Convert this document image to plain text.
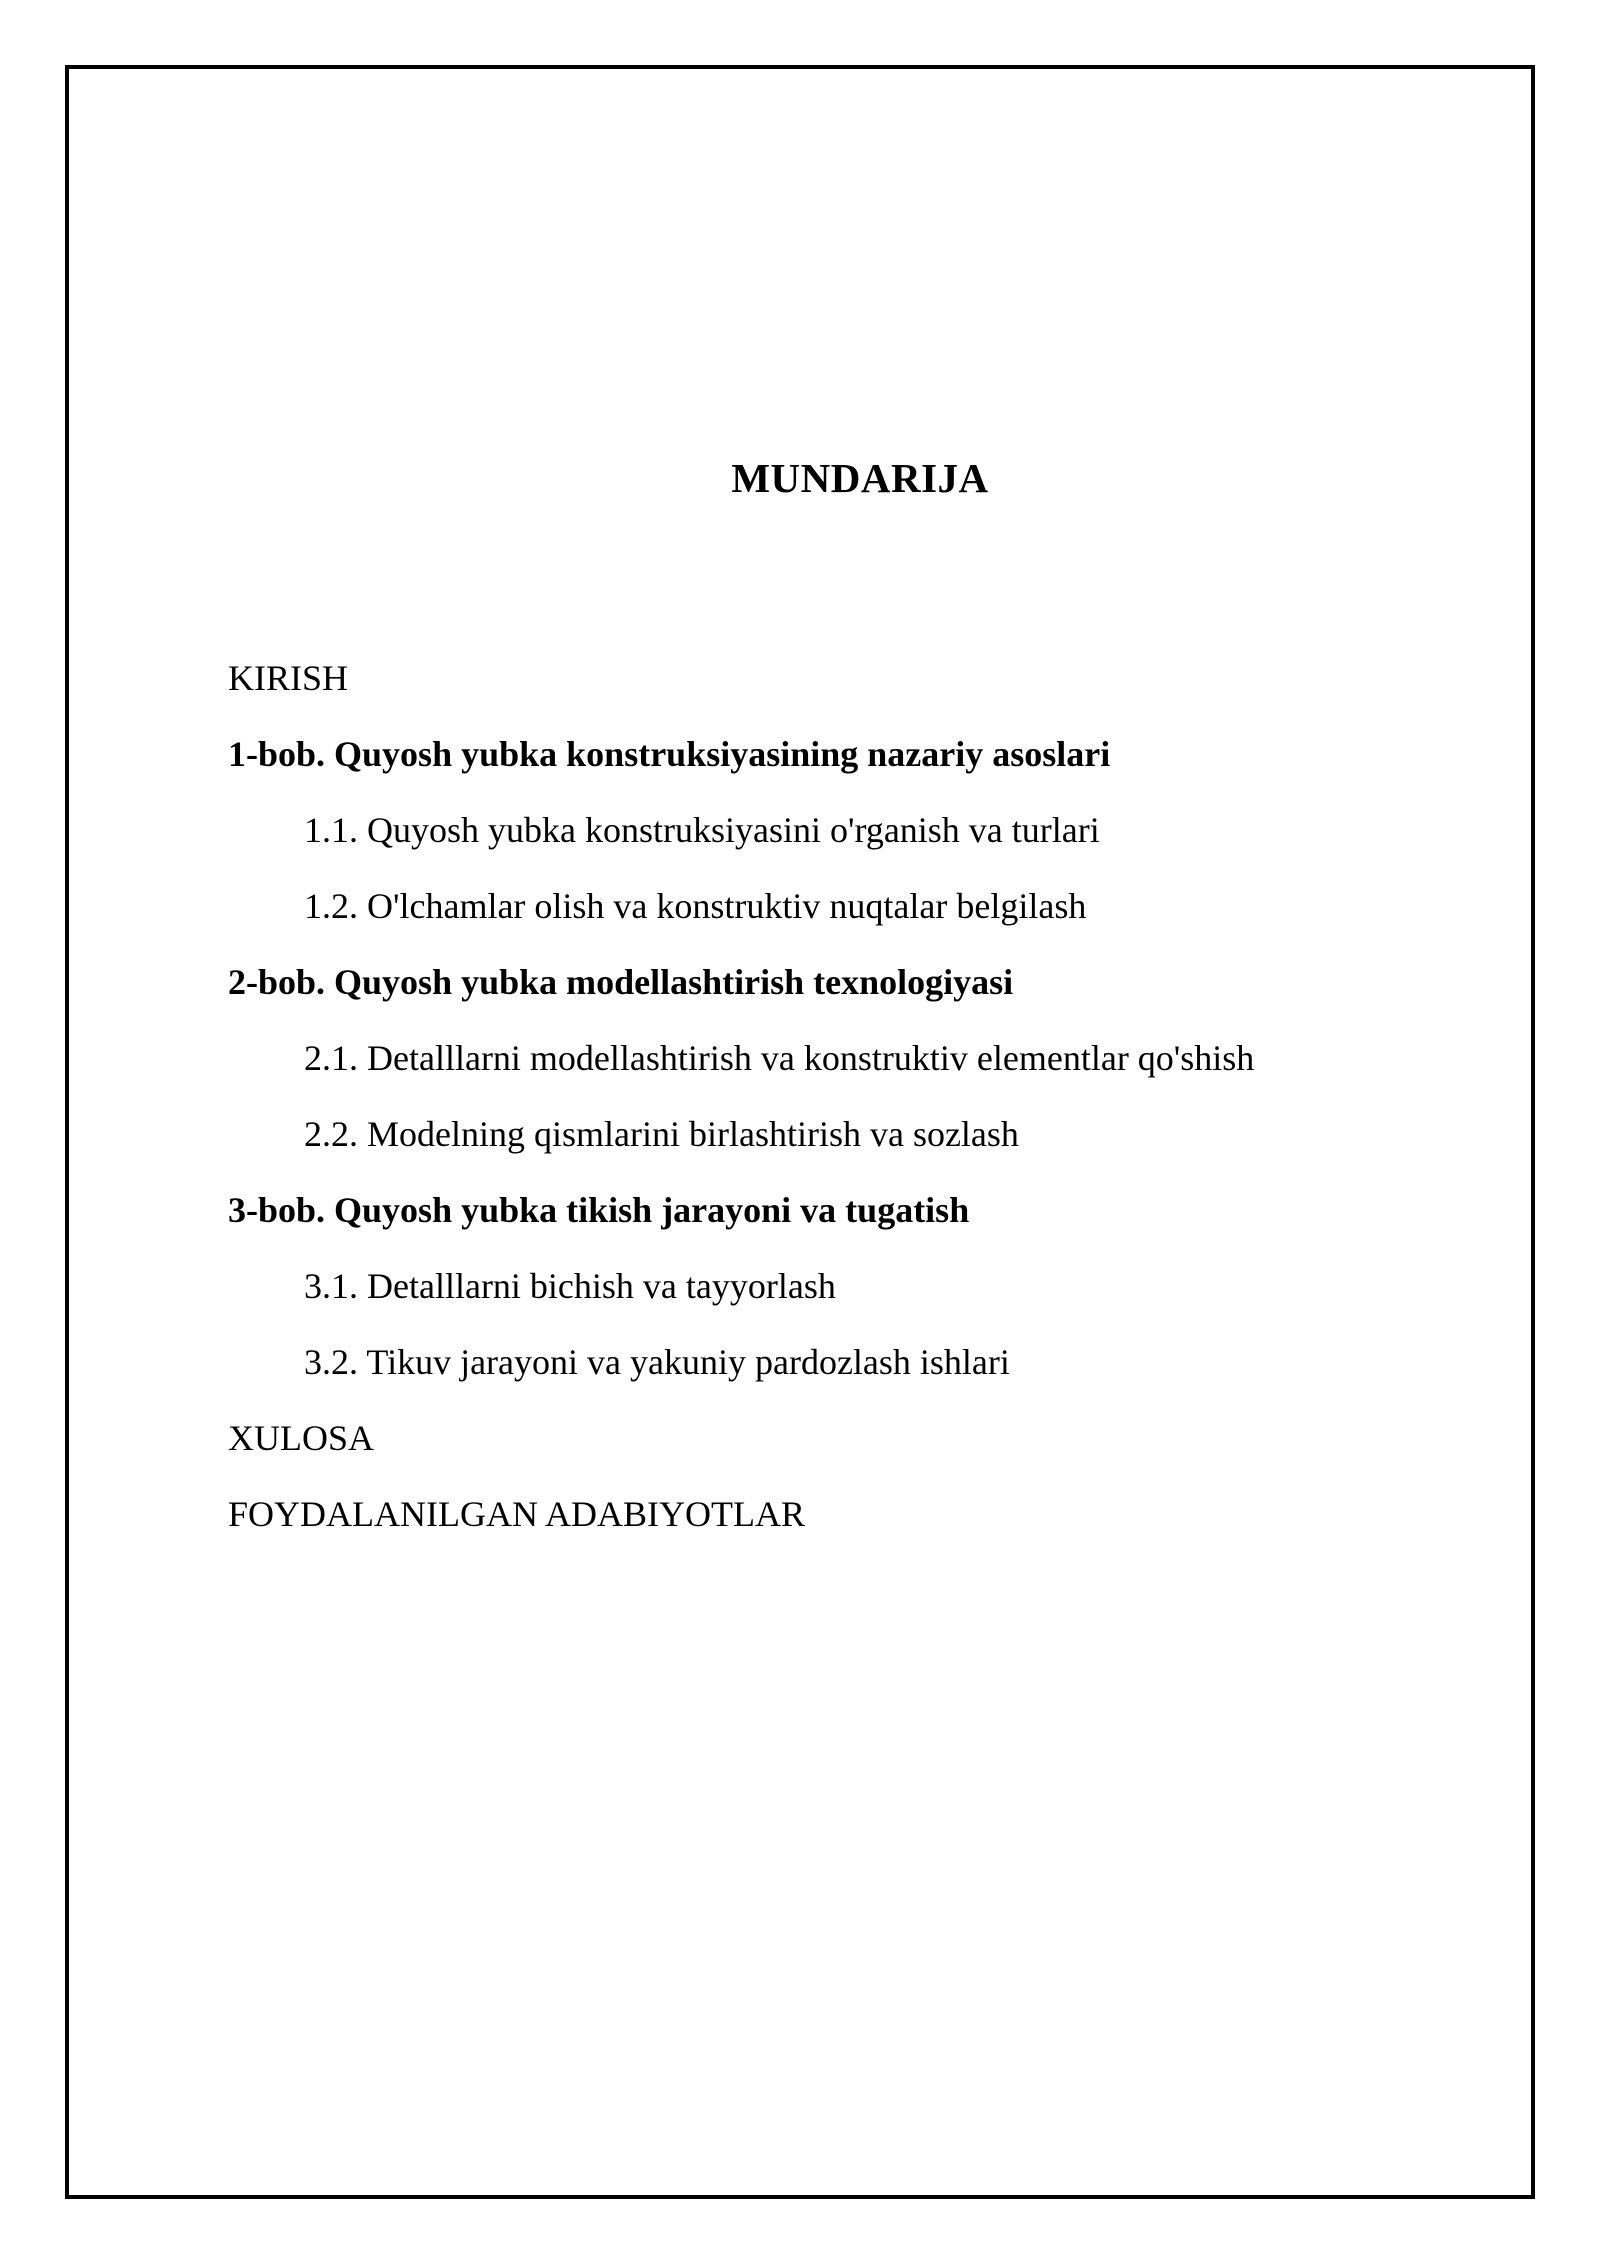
MUNDARIJA
KIRISH
1-bob. Quyosh yubka konstruksiyasining nazariy asoslari
1.1. Quyosh yubka konstruksiyasini o'rganish va turlari
1.2. O'lchamlar olish va konstruktiv nuqtalar belgilash
2-bob. Quyosh yubka modellashtirish texnologiyasi
2.1. Detalllarni modellashtirish va konstruktiv elementlar qo'shish
2.2. Modelning qismlarini birlashtirish va sozlash
3-bob. Quyosh yubka tikish jarayoni va tugatish
3.1. Detalllarni bichish va tayyorlash
3.2. Tikuv jarayoni va yakuniy pardozlash ishlari
XULOSA
FOYDALANILGAN ADABIYOTLAR
